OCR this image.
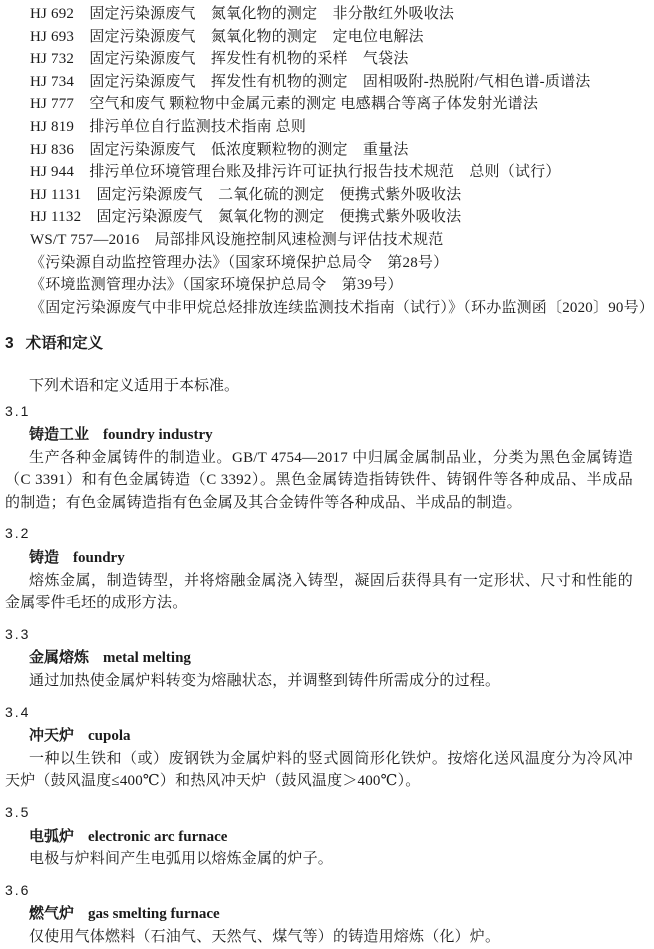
HJ 692　固定污染源废气　氮氧化物的测定　非分散红外吸收法
HJ 693　固定污染源废气　氮氧化物的测定　定电位电解法
HJ 732　固定污染源废气　挥发性有机物的采样　气袋法
HJ 734　固定污染源废气　挥发性有机物的测定　固相吸附-热脱附/气相色谱-质谱法
HJ 777　空气和废气 颗粒物中金属元素的测定 电感耦合等离子体发射光谱法
HJ 819　排污单位自行监测技术指南 总则
HJ 836　固定污染源废气　低浓度颗粒物的测定　重量法
HJ 944　排污单位环境管理台账及排污许可证执行报告技术规范　总则（试行）
HJ 1131　固定污染源废气　二氧化硫的测定　便携式紫外吸收法
HJ 1132　固定污染源废气　氮氧化物的测定　便携式紫外吸收法
WS/T 757—2016　局部排风设施控制风速检测与评估技术规范
《污染源自动监控管理办法》（国家环境保护总局令　第28号）
《环境监测管理办法》（国家环境保护总局令　第39号）
《固定污染源废气中非甲烷总烃排放连续监测技术指南（试行）》（环办监测函〔2020〕90号）
3 术语和定义

下列术语和定义适用于本标准。

3.1
铸造工业 foundry industry

生产各种金属铸件的制造业。GB/T 4754—2017 中归属金属制品业，分类为黑色金属铸造（C 3391）和有色金属铸造（C 3392）。黑色金属铸造指铸铁件、铸钢件等各种成品、半成品的制造；有色金属铸造指有色金属及其合金铸件等各种成品、半成品的制造。

3.2
铸造 foundry

熔炼金属，制造铸型，并将熔融金属浇入铸型，凝固后获得具有一定形状、尺寸和性能的金属零件毛坯的成形方法。

3.3
金属熔炼 metal melting

通过加热使金属炉料转变为熔融状态，并调整到铸件所需成分的过程。

3.4
冲天炉 cupola

一种以生铁和（或）废钢铁为金属炉料的竖式圆筒形化铁炉。按熔化送风温度分为冷风冲天炉（鼓风温度≤400℃）和热风冲天炉（鼓风温度＞400℃）。

3.5
电弧炉 electronic arc furnace

电极与炉料间产生电弧用以熔炼金属的炉子。

3.6
燃气炉 gas smelting furnace

仅使用气体燃料（石油气、天然气、煤气等）的铸造用熔炼（化）炉。
